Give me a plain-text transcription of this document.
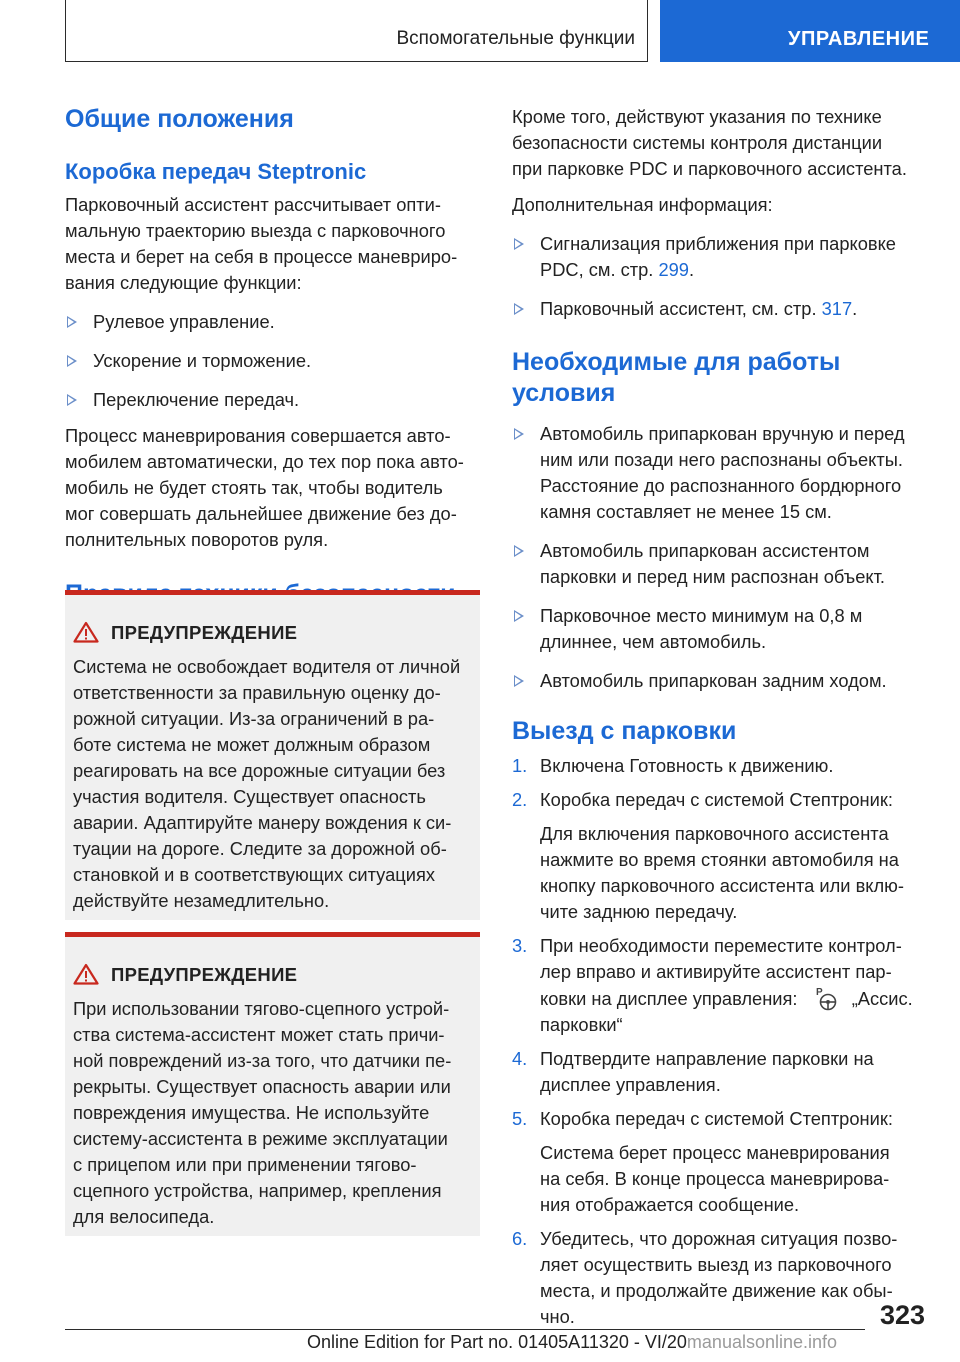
Вспомогательные функции	УПРАВЛЕНИЕ
Общие положения
Коробка передач Steptronic
Парковочный ассистент рассчитывает опти-
мальную траекторию выезда с парковочного
места и берет на себя в процессе маневриро-
вания следующие функции:
Рулевое управление.
Ускорение и торможение.
Переключение передач.
Процесс маневрирования совершается авто-
мобилем автоматически, до тех пор пока авто-
мобиль не будет стоять так, чтобы водитель
мог совершать дальнейшее движение без до-
полнительных поворотов руля.
ПРЕДУПРЕЖДЕНИЕ
Система не освобождает водителя от личной
ответственности за правильную оценку до-
рожной ситуации. Из-за ограничений в ра-
боте система не может должным образом
реагировать на все дорожные ситуации без
участия водителя. Существует опасность
аварии. Адаптируйте манеру вождения к си-
туации на дороге. Следите за дорожной об-
становкой и в соответствующих ситуациях
действуйте незамедлительно.
ПРЕДУПРЕЖДЕНИЕ
При использовании тягово-сцепного устрой-
ства система-ассистент может стать причи-
ной повреждений из-за того, что датчики пе-
рекрыты. Существует опасность аварии или
повреждения имущества. Не используйте
систему-ассистента в режиме эксплуатации
с прицепом или при применении тягово-
сцепного устройства, например, крепления
для велосипеда.
Кроме того, действуют указания по технике
безопасности системы контроля дистанции
при парковке PDC и парковочного ассистента.
Дополнительная информация:
Сигнализация приближения при парковке
PDC, см. стр. 299.
Парковочный ассистент, см. стр. 317.
Необходимые для работы
условия
Автомобиль припаркован вручную и перед
ним или позади него распознаны объекты.
Расстояние до распознанного бордюрного
камня составляет не менее 15 см.
Автомобиль припаркован ассистентом
парковки и перед ним распознан объект.
Парковочное место минимум на 0,8 м
длиннее, чем автомобиль.
Автомобиль припаркован задним ходом.
Выезд с парковки
1. Включена Готовность к движению.
2. Коробка передач с системой Стептроник:
Для включения парковочного ассистента
нажмите во время стоянки автомобиля на
кнопку парковочного ассистента или вклю-
чите заднюю передачу.
3. При необходимости переместите контрол-
лер вправо и активируйте ассистент пар-
ковки на дисплее управления: P „Ассис.
парковки“
4. Подтвердите направление парковки на
дисплее управления.
5. Коробка передач с системой Стептроник:
Система берет процесс маневрирования
на себя. В конце процесса маневрирова-
ния отображается сообщение.
6. Убедитесь, что дорожная ситуация позво-
ляет осуществить выезд из парковочного
места, и продолжайте движение как обы-
чно.	323
Online Edition for Part no. 01405A11320 - VI/20manualsonline.info
